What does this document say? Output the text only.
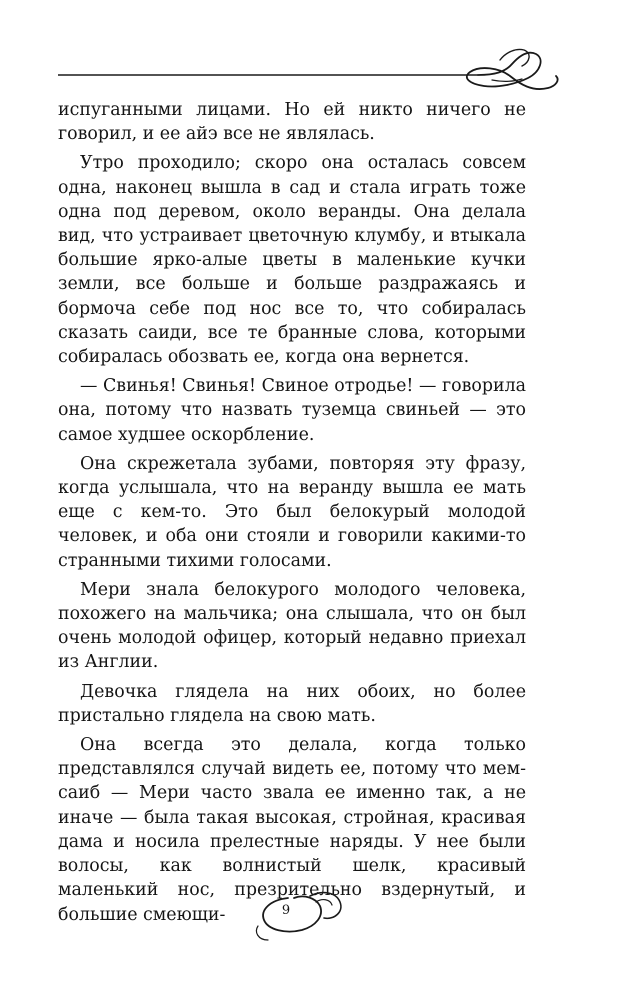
испуганными лицами. Но ей никто ничего не говорил, и ее айэ все не являлась.

Утро проходило; скоро она осталась совсем одна, наконец вышла в сад и стала играть тоже одна под деревом, около веранды. Она делала вид, что устраивает цветочную клумбу, и втыкала большие ярко-алые цветы в маленькие кучки земли, все больше и больше раздражаясь и бормоча себе под нос все то, что собиралась сказать саиди, все те бранные слова, которыми собиралась обозвать ее, когда она вернется.

— Свинья! Свинья! Свиное отродье! — говорила она, потому что назвать туземца свиньей — это самое худшее оскорбление.

Она скрежетала зубами, повторяя эту фразу, когда услышала, что на веранду вышла ее мать еще с кем-то. Это был белокурый молодой человек, и оба они стояли и говорили какими-то странными тихими голосами.

Мери знала белокурого молодого человека, похожего на мальчика; она слышала, что он был очень молодой офицер, который недавно приехал из Англии.

Девочка глядела на них обоих, но более пристально глядела на свою мать.

Она всегда это делала, когда только представлялся случай видеть ее, потому что мем-саиб — Мери часто звала ее именно так, а не иначе — была такая высокая, стройная, красивая дама и носила прелестные наряды. У нее были волосы, как волнистый шелк, красивый маленький нос, презрительно вздернутый, и большие смеющи-	9
